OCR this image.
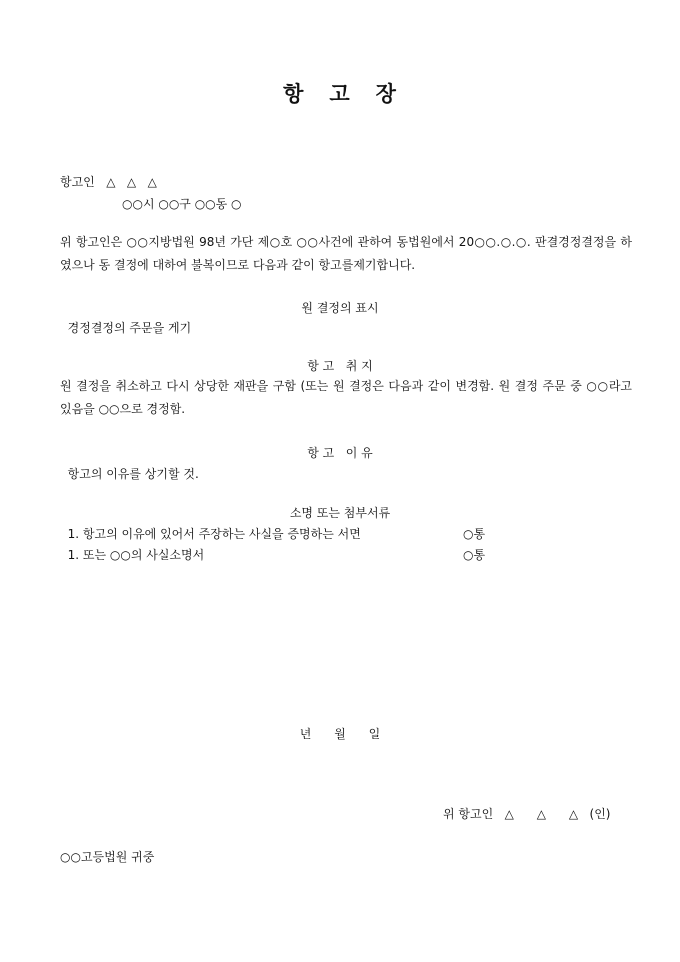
항   고   장
항고인   △   △   △
○○시 ○○구 ○○동 ○
위 항고인은 ○○지방법원 98년 가단 제○호 ○○사건에 관하여 동법원에서 20○○.○.○. 판결경정결정을 하였으나 동 결정에 대하여 불복이므로 다음과 같이 항고를제기합니다.
원 결정의 표시
경정결정의 주문을 게기
항 고   취 지
원 결정을 취소하고 다시 상당한 재판을 구함 (또는 원 결정은 다음과 같이 변경함. 원 결정 주문 중 ○○라고 있음을 ○○으로 경정함.
항 고   이 유
항고의 이유를 상기할 것.
소명 또는 첨부서류
1. 항고의 이유에 있어서 주장하는 사실을 증명하는 서면	○통
1. 또는 ○○의 사실소명서	○통
년      월      일
위 항고인   △      △      △   (인)
○○고등법원 귀중
